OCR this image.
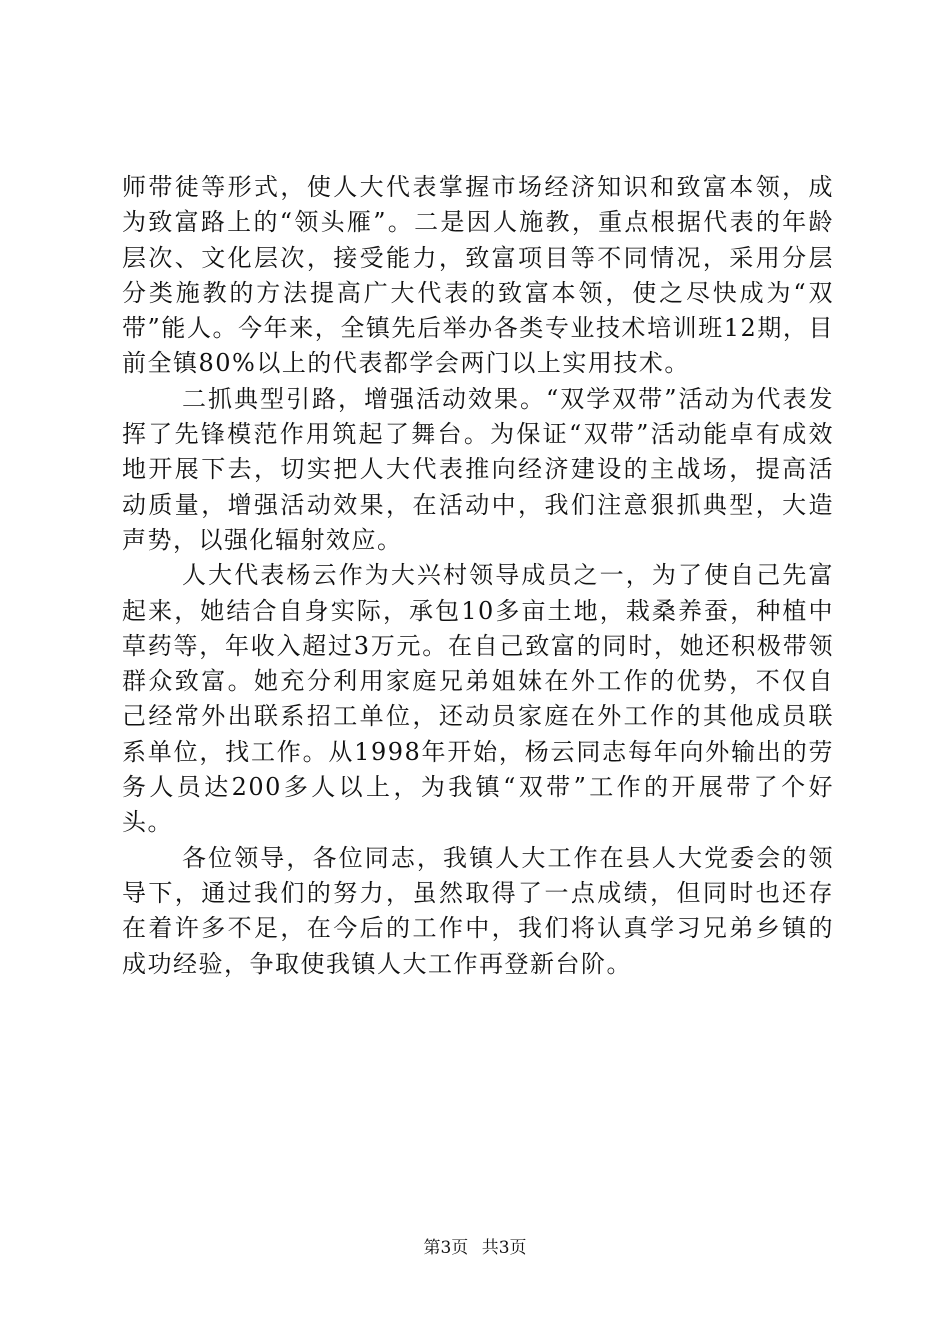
师带徒等形式，使人大代表掌握市场经济知识和致富本领，成为致富路上的“领头雁”。二是因人施教，重点根据代表的年龄层次、文化层次，接受能力，致富项目等不同情况，采用分层分类施教的方法提高广大代表的致富本领，使之尽快成为“双带”能人。今年来，全镇先后举办各类专业技术培训班12期，目前全镇80%以上的代表都学会两门以上实用技术。

二抓典型引路，增强活动效果。“双学双带”活动为代表发挥了先锋模范作用筑起了舞台。为保证“双带”活动能卓有成效地开展下去，切实把人大代表推向经济建设的主战场，提高活动质量，增强活动效果，在活动中，我们注意狠抓典型，大造声势，以强化辐射效应。

人大代表杨云作为大兴村领导成员之一，为了使自己先富起来，她结合自身实际，承包10多亩土地，栽桑养蚕，种植中草药等，年收入超过3万元。在自己致富的同时，她还积极带领群众致富。她充分利用家庭兄弟姐妹在外工作的优势，不仅自己经常外出联系招工单位，还动员家庭在外工作的其他成员联系单位，找工作。从1998年开始，杨云同志每年向外输出的劳务人员达200多人以上，为我镇“双带”工作的开展带了个好头。

各位领导，各位同志，我镇人大工作在县人大党委会的领导下，通过我们的努力，虽然取得了一点成绩，但同时也还存在着许多不足，在今后的工作中，我们将认真学习兄弟乡镇的成功经验，争取使我镇人大工作再登新台阶。

第3页 共3页
